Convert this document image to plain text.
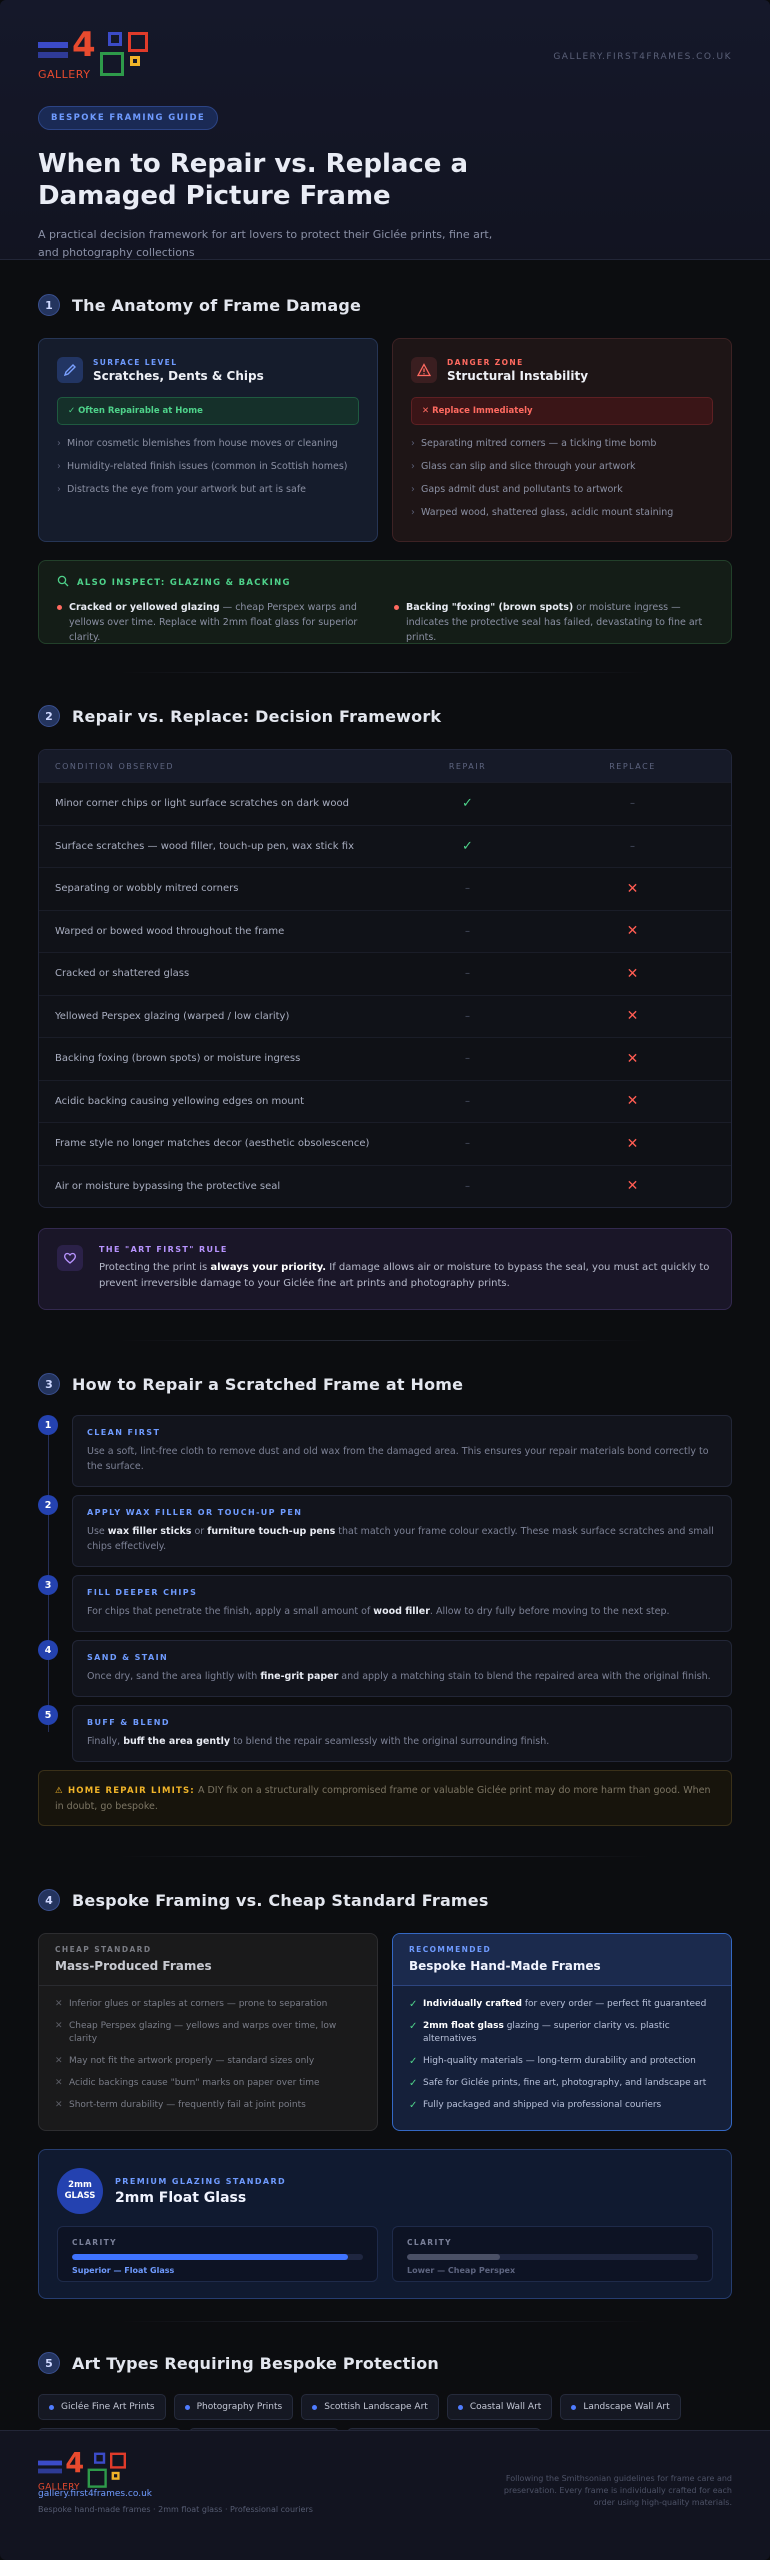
4
GALLERY
GALLERY.FIRST4FRAMES.CO.UK
BESPOKE FRAMING GUIDE
When to Repair vs. Replace a Damaged Picture Frame

A practical decision framework for art lovers to protect their Giclée prints, fine art, and photography collections

1	The Anatomy of Frame Damage
SURFACE LEVEL
Scratches, Dents & Chips
✓ Often Repairable at Home
› Minor cosmetic blemishes from house moves or cleaning
› Humidity-related finish issues (common in Scottish homes)
› Distracts the eye from your artwork but art is safe
DANGER ZONE
Structural Instability
✕ Replace Immediately
› Separating mitred corners — a ticking time bomb
› Glass can slip and slice through your artwork
› Gaps admit dust and pollutants to artwork
› Warped wood, shattered glass, acidic mount staining
ALSO INSPECT: GLAZING & BACKING

Cracked or yellowed glazing — cheap Perspex warps and yellows over time. Replace with 2mm float glass for superior clarity.

Backing "foxing" (brown spots) or moisture ingress — indicates the protective seal has failed, devastating to fine art prints.

2	Repair vs. Replace: Decision Framework
CONDITION OBSERVED	REPAIR	REPLACE
Minor corner chips or light surface scratches on dark wood	✓	–
Surface scratches — wood filler, touch-up pen, wax stick fix	✓	–
Separating or wobbly mitred corners	–	✕
Warped or bowed wood throughout the frame	–	✕
Cracked or shattered glass	–	✕
Yellowed Perspex glazing (warped / low clarity)	–	✕
Backing foxing (brown spots) or moisture ingress	–	✕
Acidic backing causing yellowing edges on mount	–	✕
Frame style no longer matches decor (aesthetic obsolescence)	–	✕
Air or moisture bypassing the protective seal	–	✕
THE "ART FIRST" RULE
Protecting the print is always your priority. If damage allows air or moisture to bypass the seal, you must act quickly to prevent irreversible damage to your Giclée fine art prints and photography prints.
3	How to Repair a Scratched Frame at Home
1
CLEAN FIRST
Use a soft, lint-free cloth to remove dust and old wax from the damaged area. This ensures your repair materials bond correctly to the surface.
2
APPLY WAX FILLER OR TOUCH-UP PEN
Use wax filler sticks or furniture touch-up pens that match your frame colour exactly. These mask surface scratches and small chips effectively.
3
FILL DEEPER CHIPS
For chips that penetrate the finish, apply a small amount of wood filler. Allow to dry fully before moving to the next step.
4
SAND & STAIN
Once dry, sand the area lightly with fine-grit paper and apply a matching stain to blend the repaired area with the original finish.
5
BUFF & BLEND
Finally, buff the area gently to blend the repair seamlessly with the original surrounding finish.
⚠ HOME REPAIR LIMITS: A DIY fix on a structurally compromised frame or valuable Giclée print may do more harm than good. When in doubt, go bespoke.
4	Bespoke Framing vs. Cheap Standard Frames
CHEAP STANDARD
Mass-Produced Frames
✕ Inferior glues or staples at corners — prone to separation
✕ Cheap Perspex glazing — yellows and warps over time, low clarity
✕ May not fit the artwork properly — standard sizes only
✕ Acidic backings cause "burn" marks on paper over time
✕ Short-term durability — frequently fail at joint points
RECOMMENDED
Bespoke Hand-Made Frames
✓ Individually crafted for every order — perfect fit guaranteed
✓ 2mm float glass glazing — superior clarity vs. plastic alternatives
✓ High-quality materials — long-term durability and protection
✓ Safe for Giclée prints, fine art, photography, and landscape art
✓ Fully packaged and shipped via professional couriers
2mm
GLASS
PREMIUM GLAZING STANDARD
2mm Float Glass
CLARITY
Superior — Float Glass
CLARITY
Lower — Cheap Perspex
5	Art Types Requiring Bespoke Protection
Giclée Fine Art Prints	Photography Prints	Scottish Landscape Art	Coastal Wall Art	Landscape Wall Art
4
GALLERY
gallery.first4frames.co.uk
Bespoke hand-made frames · 2mm float glass · Professional couriers
Following the Smithsonian guidelines for frame care and preservation. Every frame is individually crafted for each order using high-quality materials.
